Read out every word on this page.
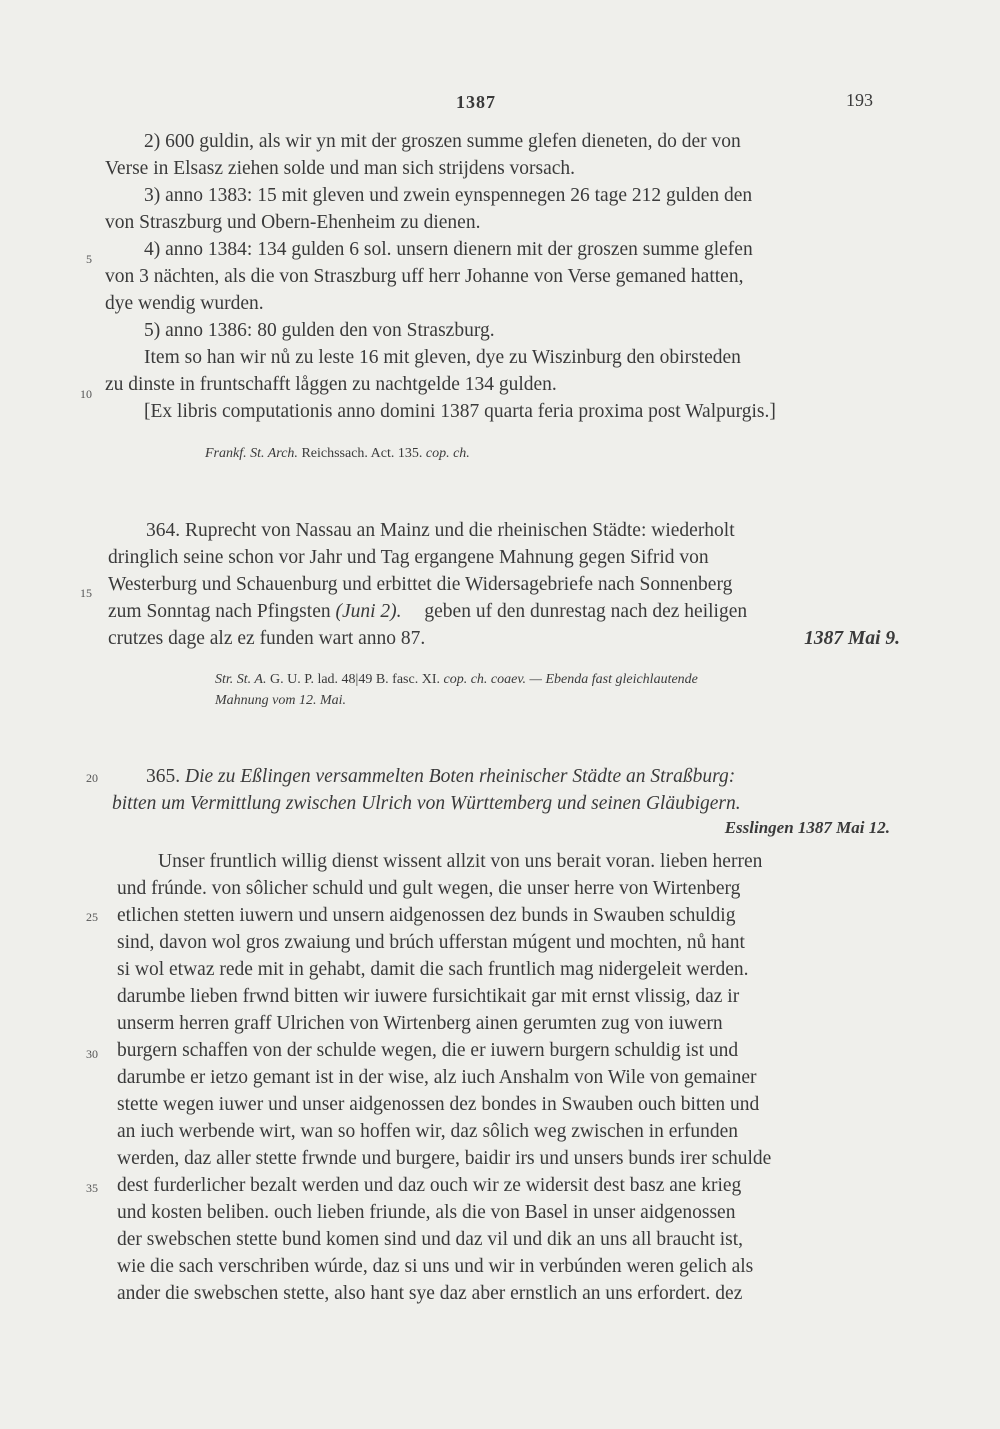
1387	193
5
10
15
20
25
30
35
2) 600 guldin, als wir yn mit der groszen summe glefen dieneten, do der von
Verse in Elsasz ziehen solde und man sich strijdens vorsach.
3) anno 1383: 15 mit gleven und zwein eynspennegen 26 tage 212 gulden den
von Straszburg und Obern-Ehenheim zu dienen.
4) anno 1384: 134 gulden 6 sol. unsern dienern mit der groszen summe glefen
von 3 nächten, als die von Straszburg uff herr Johanne von Verse gemaned hatten,
dye wendig wurden.
5) anno 1386: 80 gulden den von Straszburg.
Item so han wir nů zu leste 16 mit gleven, dye zu Wiszinburg den obirsteden
zu dinste in fruntschafft låggen zu nachtgelde 134 gulden.
[Ex libris computationis anno domini 1387 quarta feria proxima post Walpurgis.]
Frankf. St. Arch. Reichssach. Act. 135. cop. ch.
364. Ruprecht von Nassau an Mainz und die rheinischen Städte: wiederholt
dringlich seine schon vor Jahr und Tag ergangene Mahnung gegen Sifrid von
Westerburg und Schauenburg und erbittet die Widersagebriefe nach Sonnenberg
zum Sonntag nach Pfingsten (Juni 2). geben uf den dunrestag nach dez heiligen
crutzes dage alz ez funden wart anno 87.	1387 Mai 9.
Str. St. A. G. U. P. lad. 48|49 B. fasc. XI. cop. ch. coaev. — Ebenda fast gleichlautende
Mahnung vom 12. Mai.
365. Die zu Eßlingen versammelten Boten rheinischer Städte an Straßburg:
bitten um Vermittlung zwischen Ulrich von Württemberg und seinen Gläubigern.
Esslingen 1387 Mai 12.
Unser fruntlich willig dienst wissent allzit von uns berait voran. lieben herren
und frúnde. von sôlicher schuld und gult wegen, die unser herre von Wirtenberg
etlichen stetten iuwern und unsern aidgenossen dez bunds in Swauben schuldig
sind, davon wol gros zwaiung und brúch ufferstan múgent und mochten, nů hant
si wol etwaz rede mit in gehabt, damit die sach fruntlich mag nidergeleit werden.
darumbe lieben frwnd bitten wir iuwere fursichtikait gar mit ernst vlissig, daz ir
unserm herren graff Ulrichen von Wirtenberg ainen gerumten zug von iuwern
burgern schaffen von der schulde wegen, die er iuwern burgern schuldig ist und
darumbe er ietzo gemant ist in der wise, alz iuch Anshalm von Wile von gemainer
stette wegen iuwer und unser aidgenossen dez bondes in Swauben ouch bitten und
an iuch werbende wirt, wan so hoffen wir, daz sôlich weg zwischen in erfunden
werden, daz aller stette frwnde und burgere, baidir irs und unsers bunds irer schulde
dest furderlicher bezalt werden und daz ouch wir ze widersit dest basz ane krieg
und kosten beliben. ouch lieben friunde, als die von Basel in unser aidgenossen
der swebschen stette bund komen sind und daz vil und dik an uns all braucht ist,
wie die sach verschriben wúrde, daz si uns und wir in verbúnden weren gelich als
ander die swebschen stette, also hant sye daz aber ernstlich an uns erfordert. dez
